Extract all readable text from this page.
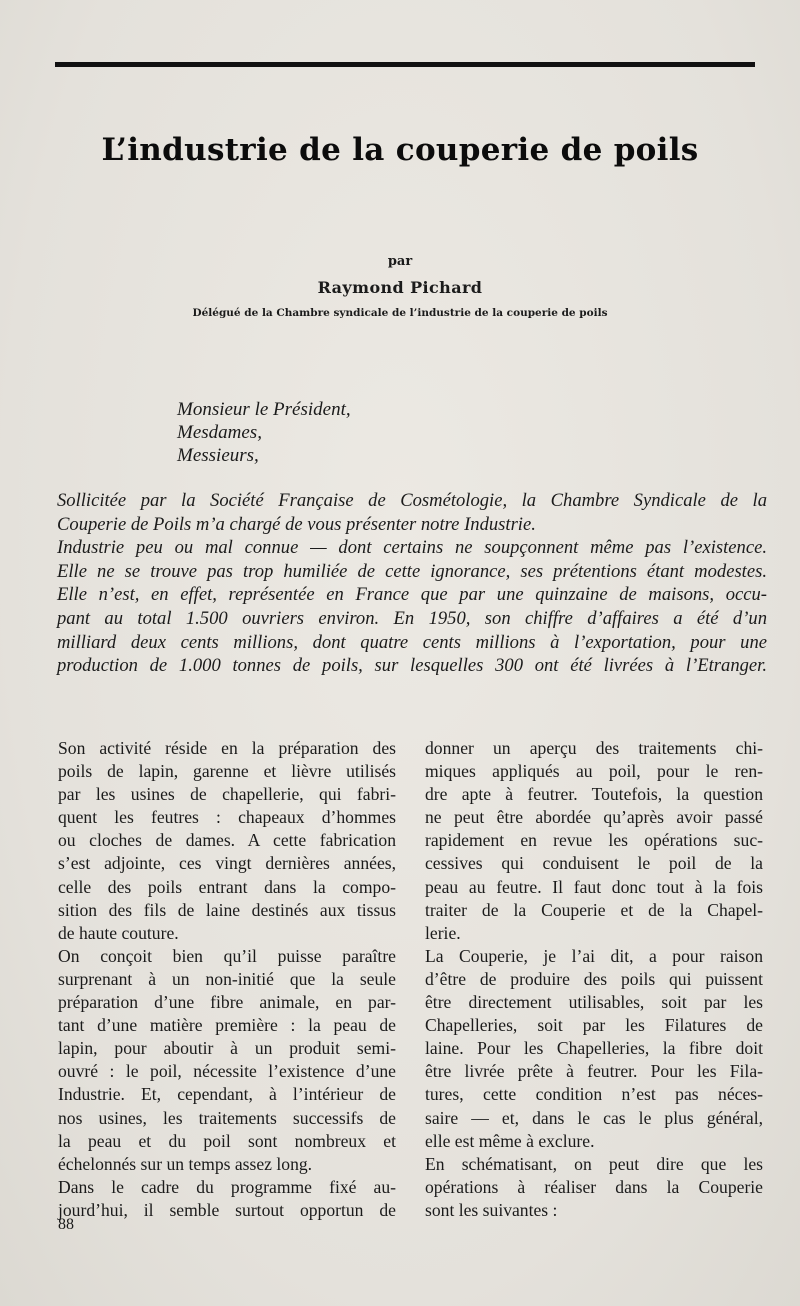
L’industrie de la couperie de poils
par
Raymond Pichard
Délégué de la Chambre syndicale de l’industrie de la couperie de poils
Monsieur le Président,
Mesdames,
Messieurs,
Sollicitée par la Société Française de Cosmétologie, la Chambre Syndicale de la
Couperie de Poils m’a chargé de vous présenter notre Industrie.
Industrie peu ou mal connue — dont certains ne soupçonnent même pas l’existence.
Elle ne se trouve pas trop humiliée de cette ignorance, ses prétentions étant modestes.
Elle n’est, en effet, représentée en France que par une quinzaine de maisons, occu-
pant au total 1.500 ouvriers environ. En 1950, son chiffre d’affaires a été d’un
milliard deux cents millions, dont quatre cents millions à l’exportation, pour une
production de 1.000 tonnes de poils, sur lesquelles 300 ont été livrées à l’Etranger.
Son activité réside en la préparation des
poils de lapin, garenne et lièvre utilisés
par les usines de chapellerie, qui fabri-
quent les feutres : chapeaux d’hommes
ou cloches de dames. A cette fabrication
s’est adjointe, ces vingt dernières années,
celle des poils entrant dans la compo-
sition des fils de laine destinés aux tissus
de haute couture.
On conçoit bien qu’il puisse paraître
surprenant à un non-initié que la seule
préparation d’une fibre animale, en par-
tant d’une matière première : la peau de
lapin, pour aboutir à un produit semi-
ouvré : le poil, nécessite l’existence d’une
Industrie. Et, cependant, à l’intérieur de
nos usines, les traitements successifs de
la peau et du poil sont nombreux et
échelonnés sur un temps assez long.
Dans le cadre du programme fixé au-
jourd’hui, il semble surtout opportun de
donner un aperçu des traitements chi-
miques appliqués au poil, pour le ren-
dre apte à feutrer. Toutefois, la question
ne peut être abordée qu’après avoir passé
rapidement en revue les opérations suc-
cessives qui conduisent le poil de la
peau au feutre. Il faut donc tout à la fois
traiter de la Couperie et de la Chapel-
lerie.
La Couperie, je l’ai dit, a pour raison
d’être de produire des poils qui puissent
être directement utilisables, soit par les
Chapelleries, soit par les Filatures de
laine. Pour les Chapelleries, la fibre doit
être livrée prête à feutrer. Pour les Fila-
tures, cette condition n’est pas néces-
saire — et, dans le cas le plus général,
elle est même à exclure.
En schématisant, on peut dire que les
opérations à réaliser dans la Couperie
sont les suivantes :
88
